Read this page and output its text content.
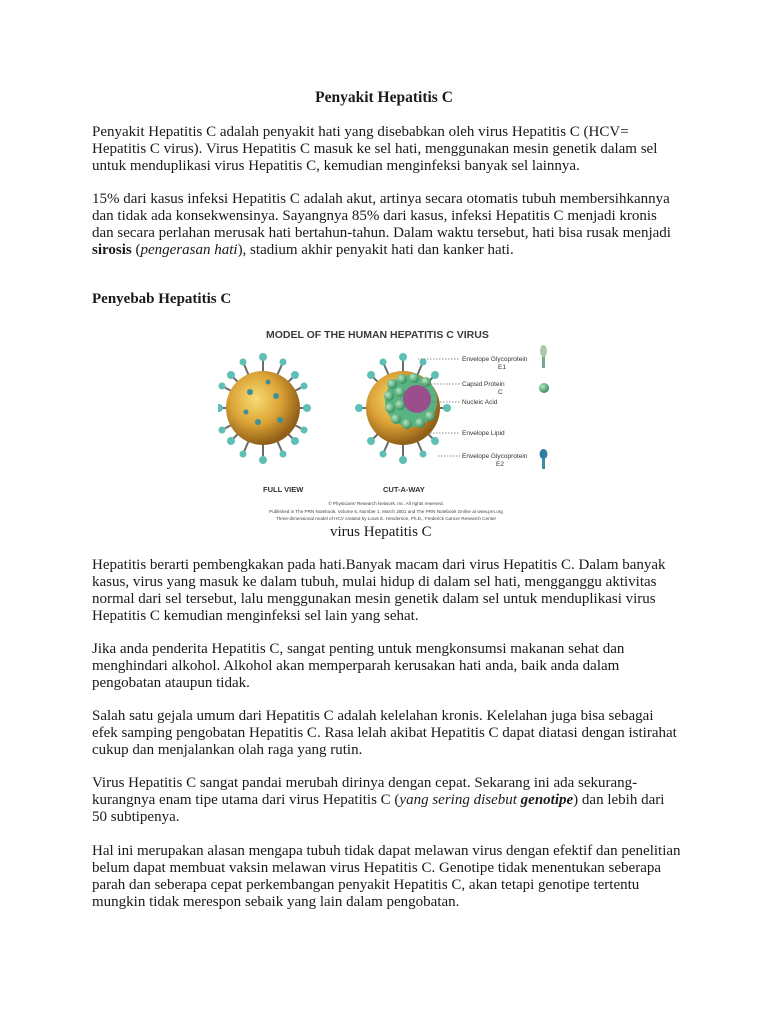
Penyakit Hepatitis C

Penyakit Hepatitis C adalah penyakit hati yang disebabkan oleh virus Hepatitis C (HCV= Hepatitis C virus). Virus Hepatitis C masuk ke sel hati, menggunakan mesin genetik dalam sel untuk menduplikasi virus Hepatitis C, kemudian menginfeksi banyak sel lainnya.

15% dari kasus infeksi Hepatitis C adalah akut, artinya secara otomatis tubuh membersihkannya dan tidak ada konsekwensinya. Sayangnya 85% dari kasus, infeksi Hepatitis C menjadi kronis dan secara perlahan merusak hati bertahun-tahun. Dalam waktu tersebut, hati bisa rusak menjadi sirosis (pengerasan hati), stadium akhir penyakit hati dan kanker hati.

Penyebab Hepatitis C
MODEL OF THE HUMAN HEPATITIS C VIRUS
Envelope Glycoprotein
E1
Capsid Protein
C
Nucleic Acid
Envelope Lipid
Envelope Glycoprotein
E2
FULL VIEW	CUT-A-WAY
© Physicians' Research Network, Inc. All rights reserved.
Published in The PRN Notebook, Volume 6, Number 1, March 2001 and The PRN Notebook Online at www.prn.org
Three-dimensional model of HCV created by Louis E. Henderson, Ph.D., Frederick Cancer Research Center

virus Hepatitis C

Hepatitis berarti pembengkakan pada hati.Banyak macam dari virus Hepatitis C. Dalam banyak kasus, virus yang masuk ke dalam tubuh, mulai hidup di dalam sel hati, mengganggu aktivitas normal dari sel tersebut, lalu menggunakan mesin genetik dalam sel untuk menduplikasi virus Hepatitis C kemudian menginfeksi sel lain yang sehat.

Jika anda penderita Hepatitis C, sangat penting untuk mengkonsumsi makanan sehat dan menghindari alkohol. Alkohol akan memperparah kerusakan hati anda, baik anda dalam pengobatan ataupun tidak.

Salah satu gejala umum dari Hepatitis C adalah kelelahan kronis. Kelelahan juga bisa sebagai efek samping pengobatan Hepatitis C. Rasa lelah akibat Hepatitis C dapat diatasi dengan istirahat cukup dan menjalankan olah raga yang rutin.

Virus Hepatitis C sangat pandai merubah dirinya dengan cepat. Sekarang ini ada sekurang-kurangnya enam tipe utama dari virus Hepatitis C (yang sering disebut genotipe) dan lebih dari 50 subtipenya.

Hal ini merupakan alasan mengapa tubuh tidak dapat melawan virus dengan efektif dan penelitian belum dapat membuat vaksin melawan virus Hepatitis C. Genotipe tidak menentukan seberapa parah dan seberapa cepat perkembangan penyakit Hepatitis C, akan tetapi genotipe tertentu mungkin tidak merespon sebaik yang lain dalam pengobatan.
